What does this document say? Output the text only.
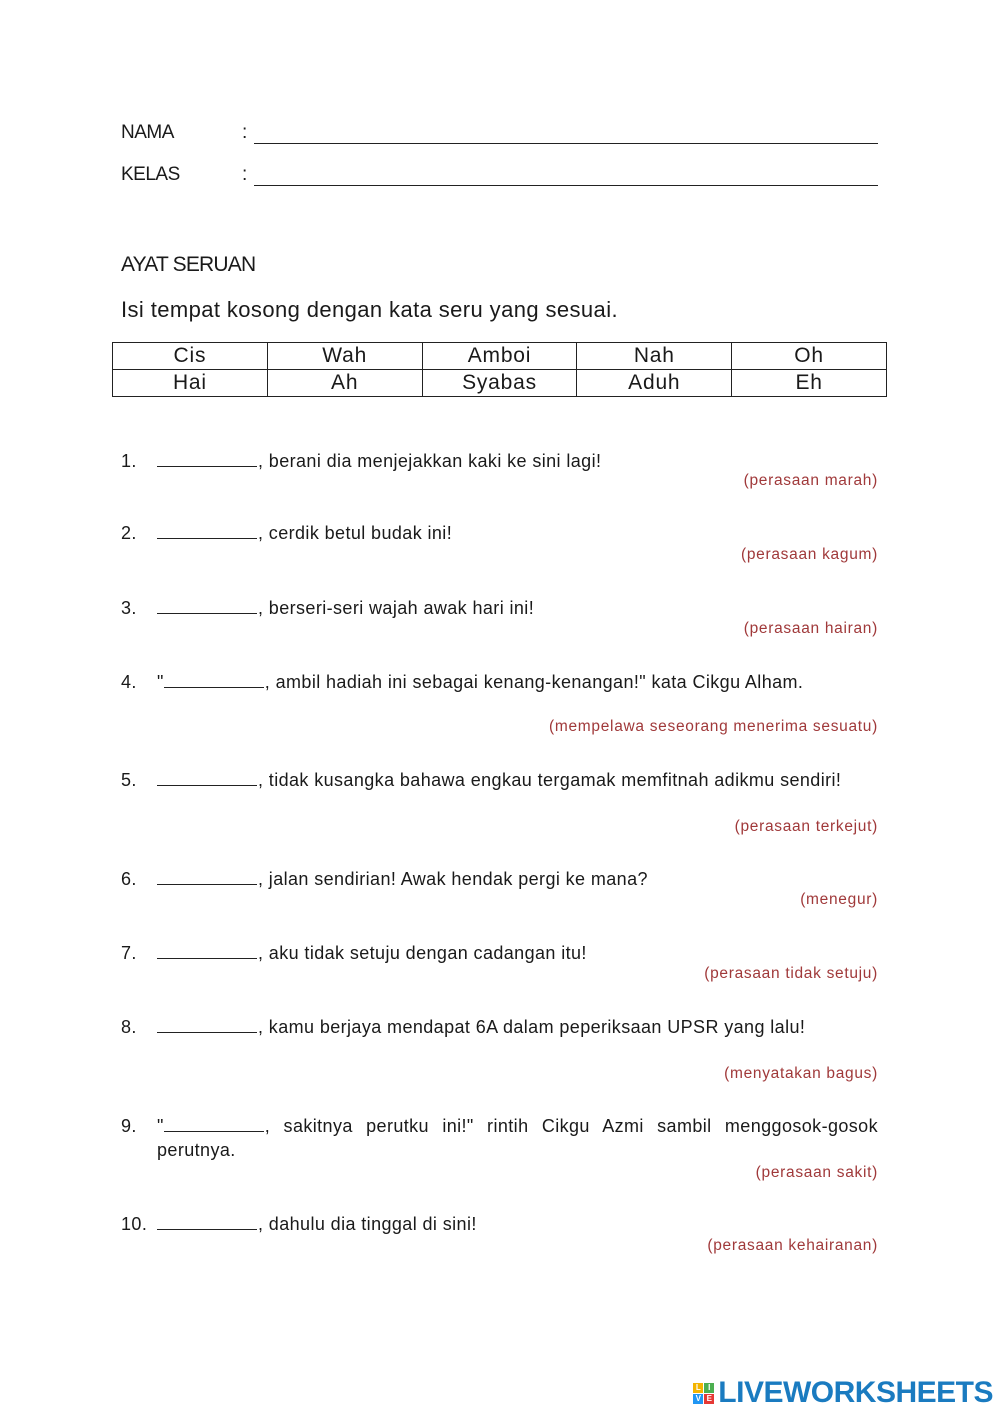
NAMA	:
KELAS	:
AYAT SERUAN
Isi tempat kosong dengan kata seru yang sesuai.
Cis	Wah	Amboi	Nah	Oh
Hai	Ah	Syabas	Aduh	Eh
1.	, berani dia menjejakkan kaki ke sini lagi!
(perasaan marah)
2.	, cerdik betul budak ini!
(perasaan kagum)
3.	, berseri-seri wajah awak hari ini!
(perasaan hairan)
4. "	, ambil hadiah ini sebagai kenang-kenangan!" kata Cikgu Alham.
(mempelawa seseorang menerima sesuatu)
5.	, tidak kusangka bahawa engkau tergamak memfitnah adikmu sendiri!
(perasaan terkejut)
6.	, jalan sendirian! Awak hendak pergi ke mana?
(menegur)
7.	, aku tidak setuju dengan cadangan itu!
(perasaan tidak setuju)
8.	, kamu berjaya mendapat 6A dalam peperiksaan UPSR yang lalu!
(menyatakan bagus)
9. "	, sakitnya perutku ini!" rintih Cikgu Azmi sambil menggosok-gosok perutnya.
(perasaan sakit)
10.	, dahulu dia tinggal di sini!
(perasaan kehairanan)
L I
V E LIVEWORKSHEETS
